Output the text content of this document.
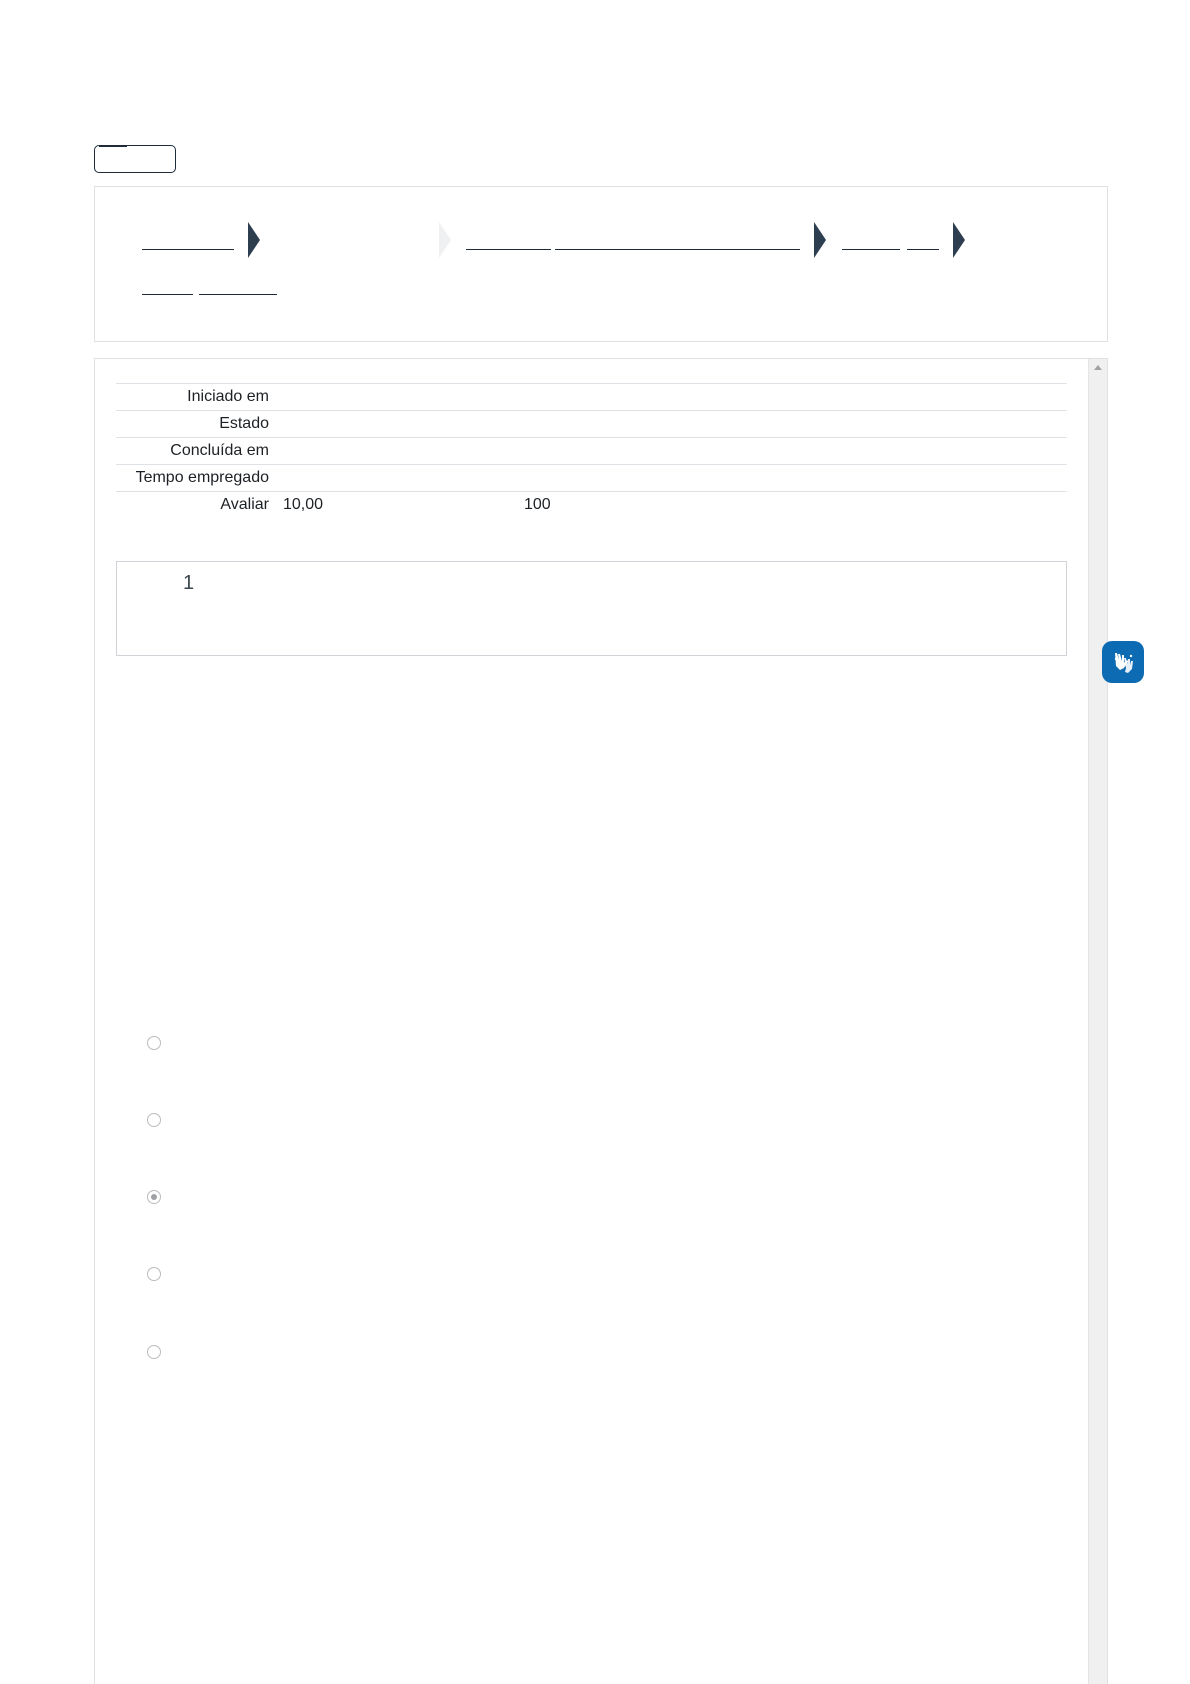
Iniciado em	
Estado	
Concluída em	
Tempo empregado	
Avaliar	10,00 100
1
